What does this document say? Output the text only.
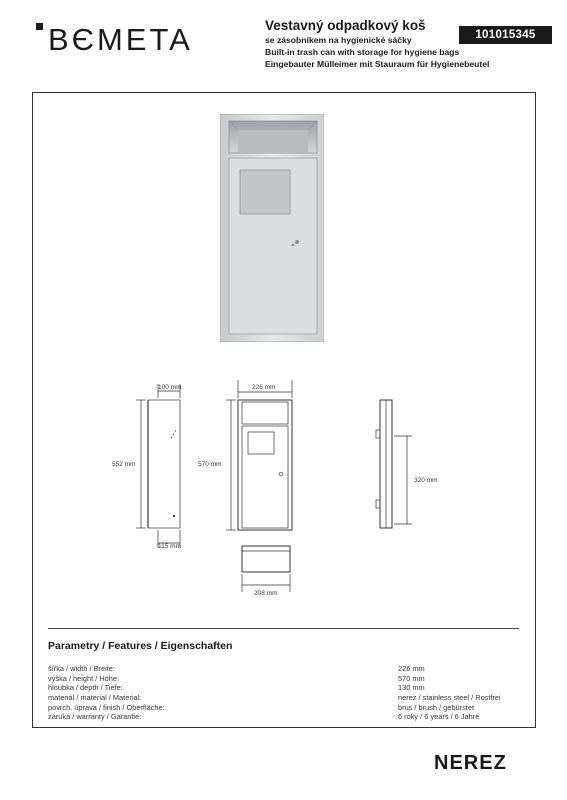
ΒЄΜΕΤΑ	Vestavný odpadkový koš
se zásobníkem na hygienické sáčky
Built-in trash can with storage for hygiene bags
Eingebauter Mülleimer mit Stauraum für Hygienebeutel
101015345
100 mm
552 mm
115 mm
226 mm
570 mm
320 mm
208 mm
Parametry / Features / Eigenschaften
šířka / width / Breite:	226 mm
výška / height / Höhe:	570 mm
hloubka / depth / Tiefe:	130 mm
materiál / material / Material:	nerez / stainless steel / Rostfrei
povrch. úprava / finish / Oberfläche:	brus / brush / gebürstet
záruka / warranty / Garantie:	6 roky / 6 years / 6 Jahre
NEREZ
